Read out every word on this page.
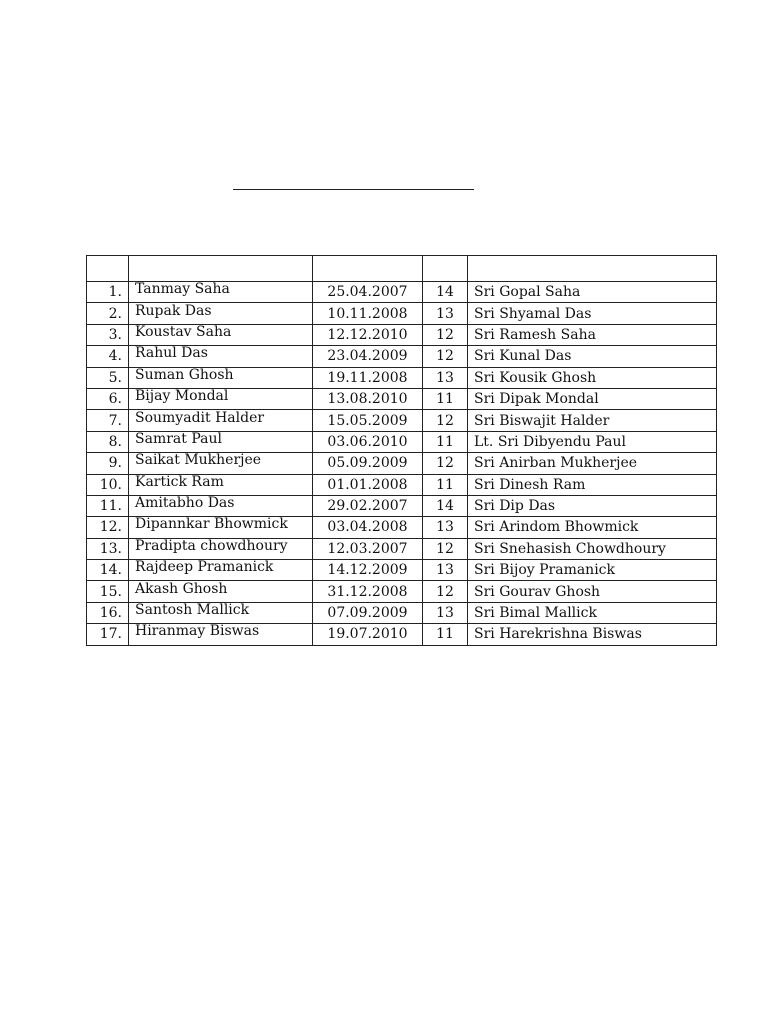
1.	Tanmay Saha	25.04.2007	14	Sri Gopal Saha
2.	Rupak Das	10.11.2008	13	Sri Shyamal Das
3.	Koustav Saha	12.12.2010	12	Sri Ramesh Saha
4.	Rahul Das	23.04.2009	12	Sri Kunal Das
5.	Suman Ghosh	19.11.2008	13	Sri Kousik Ghosh
6.	Bijay Mondal	13.08.2010	11	Sri Dipak Mondal
7.	Soumyadit Halder	15.05.2009	12	Sri Biswajit Halder
8.	Samrat Paul	03.06.2010	11	Lt. Sri Dibyendu Paul
9.	Saikat Mukherjee	05.09.2009	12	Sri Anirban Mukherjee
10.	Kartick Ram	01.01.2008	11	Sri Dinesh Ram
11.	Amitabho Das	29.02.2007	14	Sri Dip Das
12.	Dipannkar Bhowmick	03.04.2008	13	Sri Arindom Bhowmick
13.	Pradipta chowdhoury	12.03.2007	12	Sri Snehasish Chowdhoury
14.	Rajdeep Pramanick	14.12.2009	13	Sri Bijoy Pramanick
15.	Akash Ghosh	31.12.2008	12	Sri Gourav Ghosh
16.	Santosh Mallick	07.09.2009	13	Sri Bimal Mallick
17.	Hiranmay Biswas	19.07.2010	11	Sri Harekrishna Biswas
